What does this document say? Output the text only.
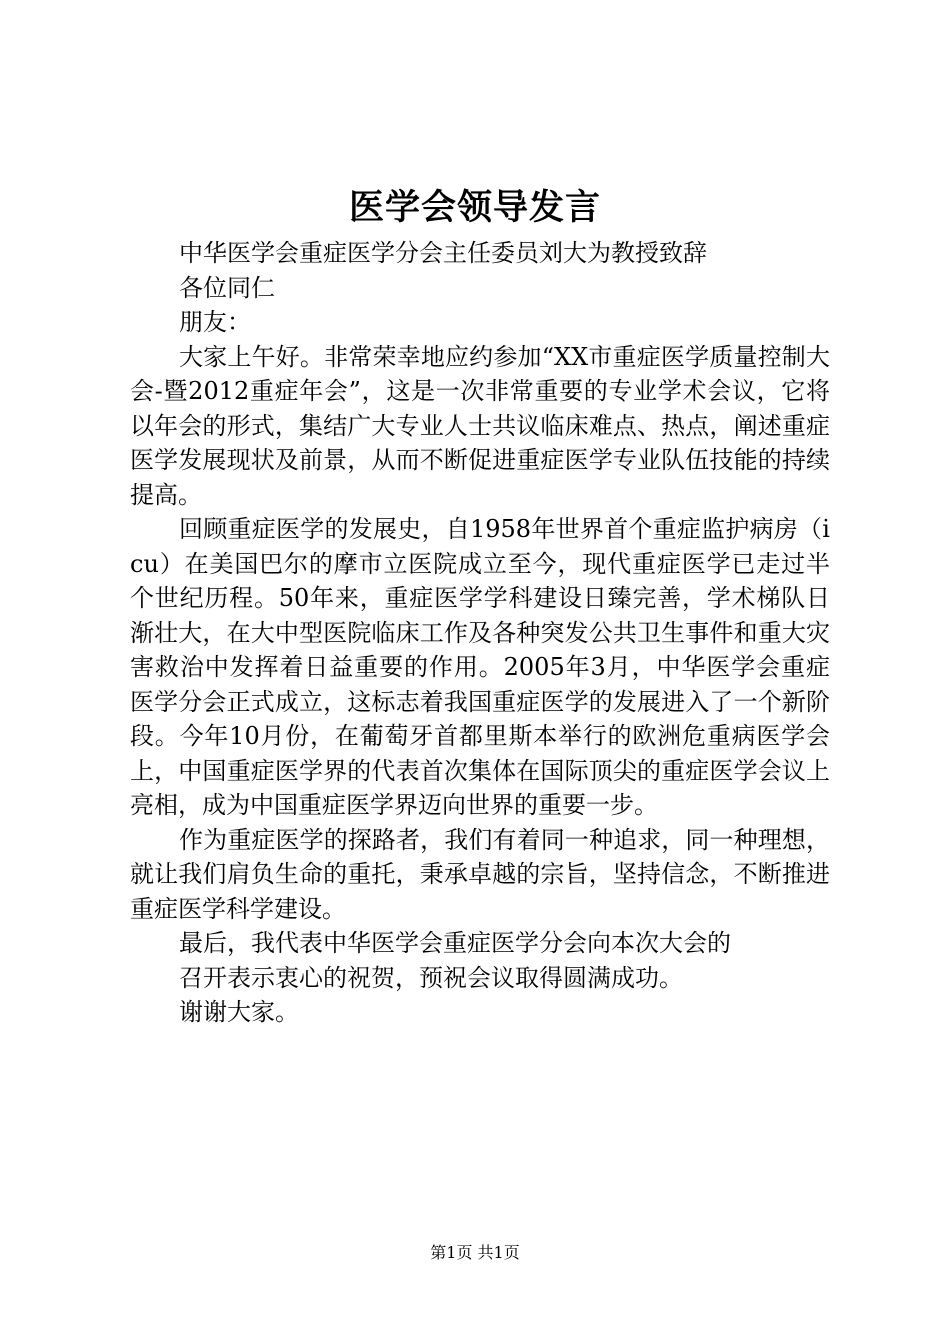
医学会领导发言

中华医学会重症医学分会主任委员刘大为教授致辞

各位同仁

朋友：

大家上午好。非常荣幸地应约参加“XX市重症医学质量控制大会-暨2012重症年会”，这是一次非常重要的专业学术会议，它将以年会的形式，集结广大专业人士共议临床难点、热点，阐述重症医学发展现状及前景，从而不断促进重症医学专业队伍技能的持续提高。

回顾重症医学的发展史，自1958年世界首个重症监护病房（icu）在美国巴尔的摩市立医院成立至今，现代重症医学已走过半个世纪历程。50年来，重症医学学科建设日臻完善，学术梯队日渐壮大，在大中型医院临床工作及各种突发公共卫生事件和重大灾害救治中发挥着日益重要的作用。2005年3月，中华医学会重症医学分会正式成立，这标志着我国重症医学的发展进入了一个新阶段。今年10月份，在葡萄牙首都里斯本举行的欧洲危重病医学会上，中国重症医学界的代表首次集体在国际顶尖的重症医学会议上亮相，成为中国重症医学界迈向世界的重要一步。

作为重症医学的探路者，我们有着同一种追求，同一种理想，就让我们肩负生命的重托，秉承卓越的宗旨，坚持信念，不断推进重症医学科学建设。

最后，我代表中华医学会重症医学分会向本次大会的

召开表示衷心的祝贺，预祝会议取得圆满成功。

谢谢大家。

第1页 共1页
